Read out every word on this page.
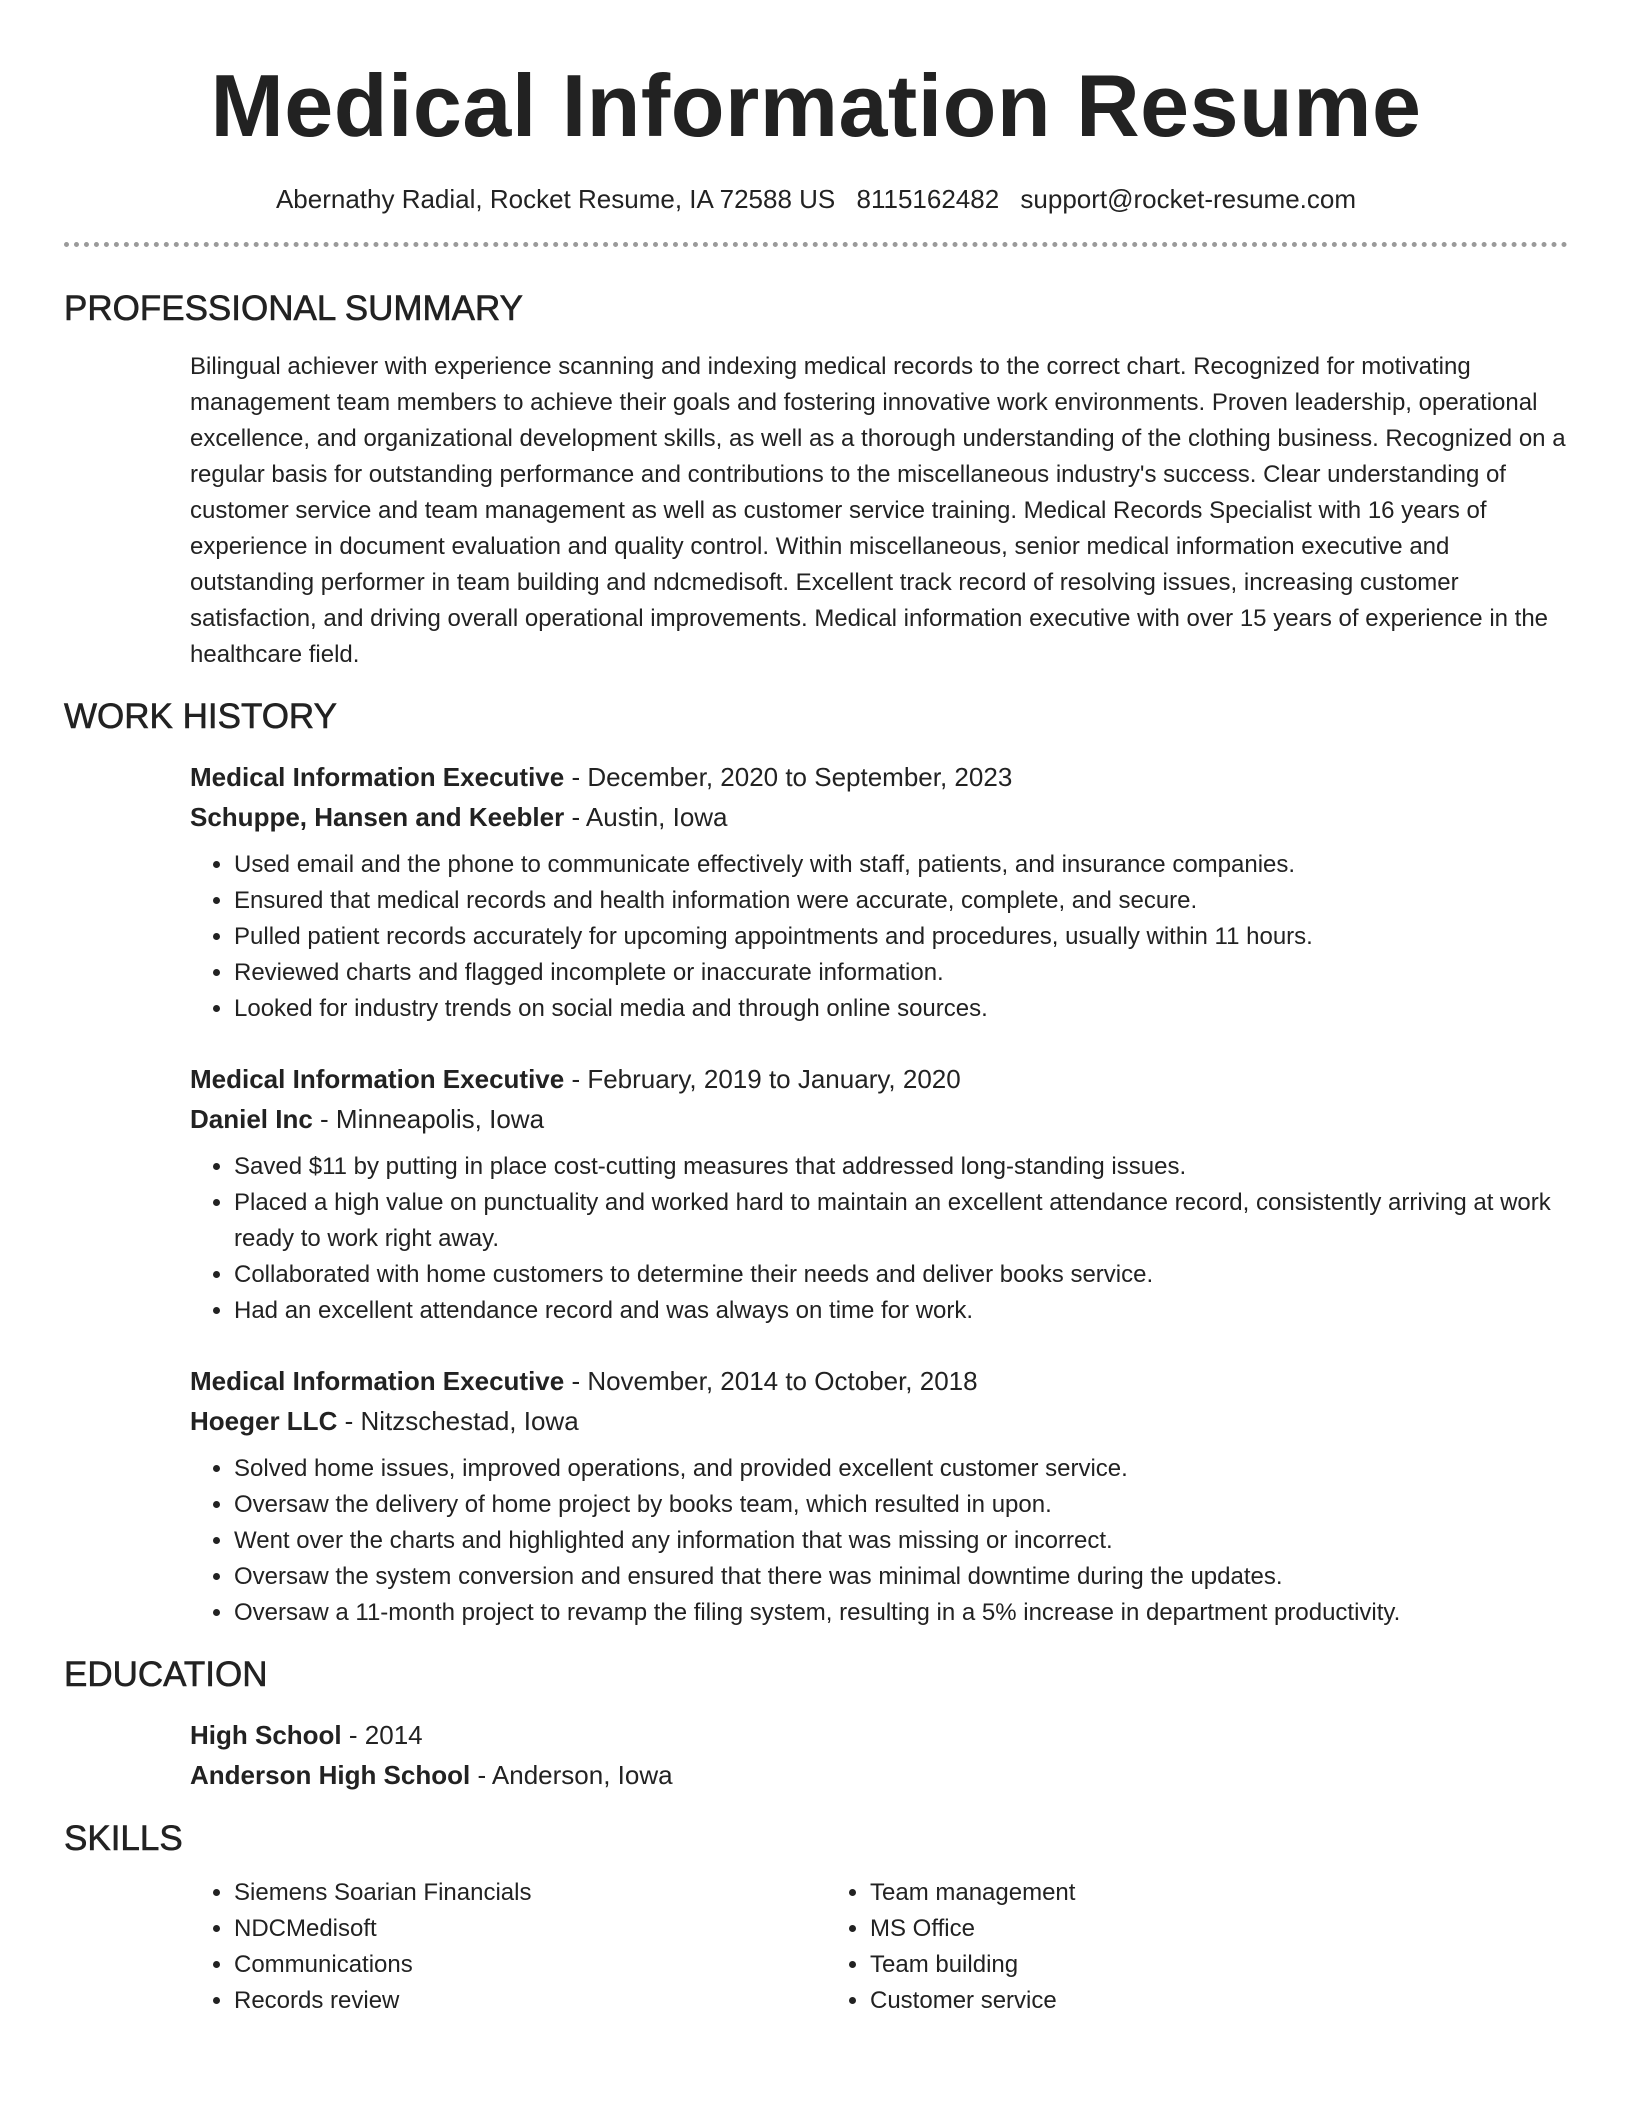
Medical Information Resume
Abernathy Radial, Rocket Resume, IA 72588 US 8115162482 support@rocket-resume.com
PROFESSIONAL SUMMARY

Bilingual achiever with experience scanning and indexing medical records to the correct chart. Recognized for motivating management team members to achieve their goals and fostering innovative work environments. Proven leadership, operational excellence, and organizational development skills, as well as a thorough understanding of the clothing business. Recognized on a regular basis for outstanding performance and contributions to the miscellaneous industry's success. Clear understanding of customer service and team management as well as customer service training. Medical Records Specialist with 16 years of experience in document evaluation and quality control. Within miscellaneous, senior medical information executive and outstanding performer in team building and ndcmedisoft. Excellent track record of resolving issues, increasing customer satisfaction, and driving overall operational improvements. Medical information executive with over 15 years of experience in the healthcare field.

WORK HISTORY
Medical Information Executive - December, 2020 to September, 2023
Schuppe, Hansen and Keebler - Austin, Iowa
• Used email and the phone to communicate effectively with staff, patients, and insurance companies.
• Ensured that medical records and health information were accurate, complete, and secure.
• Pulled patient records accurately for upcoming appointments and procedures, usually within 11 hours.
• Reviewed charts and flagged incomplete or inaccurate information.
• Looked for industry trends on social media and through online sources.
Medical Information Executive - February, 2019 to January, 2020
Daniel Inc - Minneapolis, Iowa
• Saved $11 by putting in place cost-cutting measures that addressed long-standing issues.
• Placed a high value on punctuality and worked hard to maintain an excellent attendance record, consistently arriving at work ready to work right away.
• Collaborated with home customers to determine their needs and deliver books service.
• Had an excellent attendance record and was always on time for work.
Medical Information Executive - November, 2014 to October, 2018
Hoeger LLC - Nitzschestad, Iowa
• Solved home issues, improved operations, and provided excellent customer service.
• Oversaw the delivery of home project by books team, which resulted in upon.
• Went over the charts and highlighted any information that was missing or incorrect.
• Oversaw the system conversion and ensured that there was minimal downtime during the updates.
• Oversaw a 11-month project to revamp the filing system, resulting in a 5% increase in department productivity.
EDUCATION
High School - 2014
Anderson High School - Anderson, Iowa
SKILLS
• Siemens Soarian Financials
• NDCMedisoft
• Communications
• Records review
• Team management
• MS Office
• Team building
• Customer service
